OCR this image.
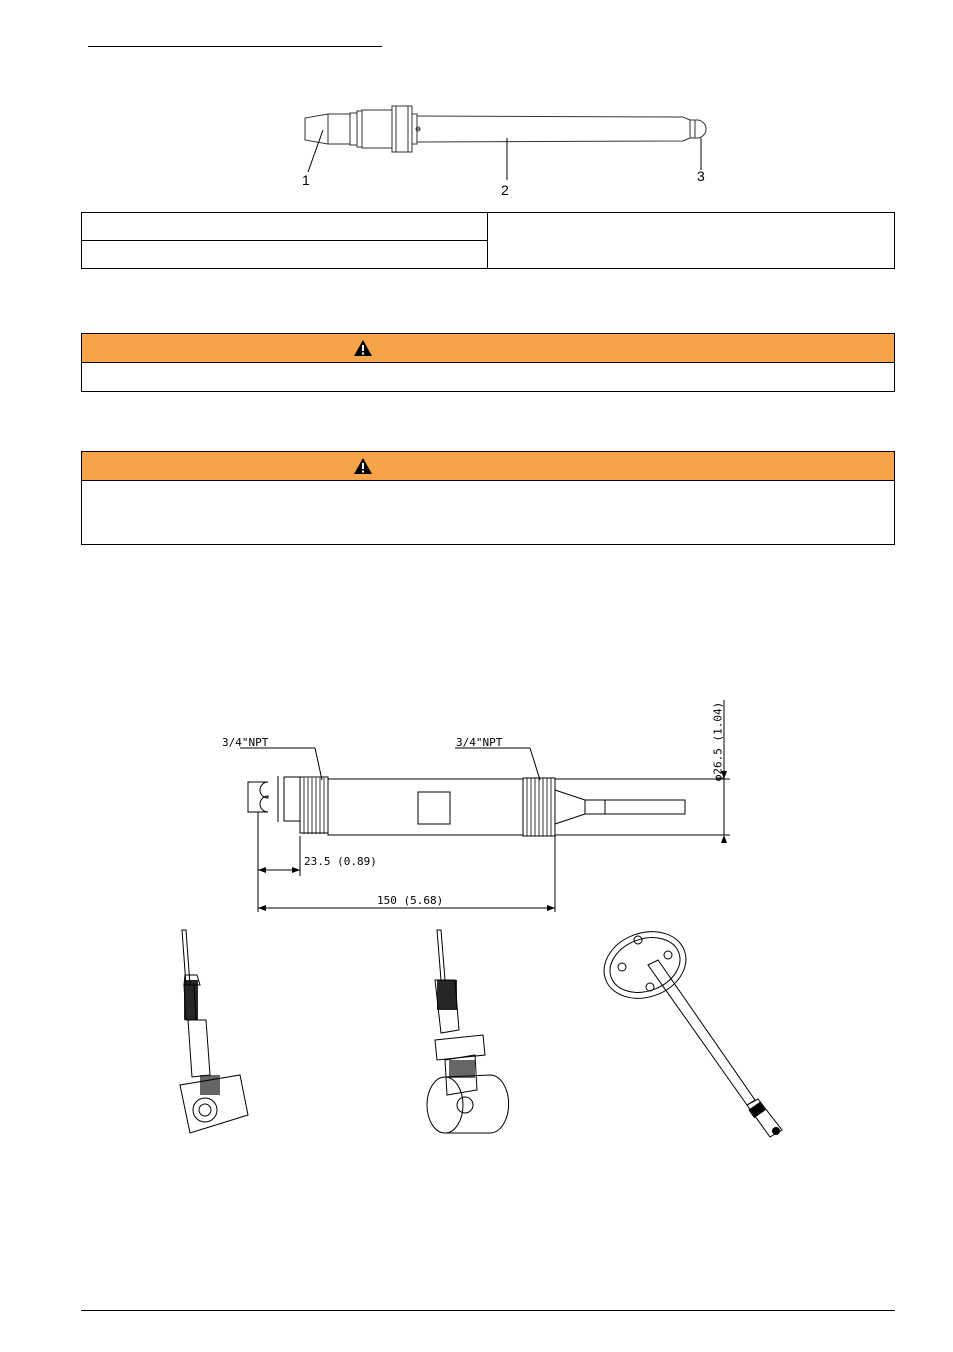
1
2
3
3/4"NPT	3/4"NPT	φ26.5 (1.04)
23.5 (0.89)
150 (5.68)
